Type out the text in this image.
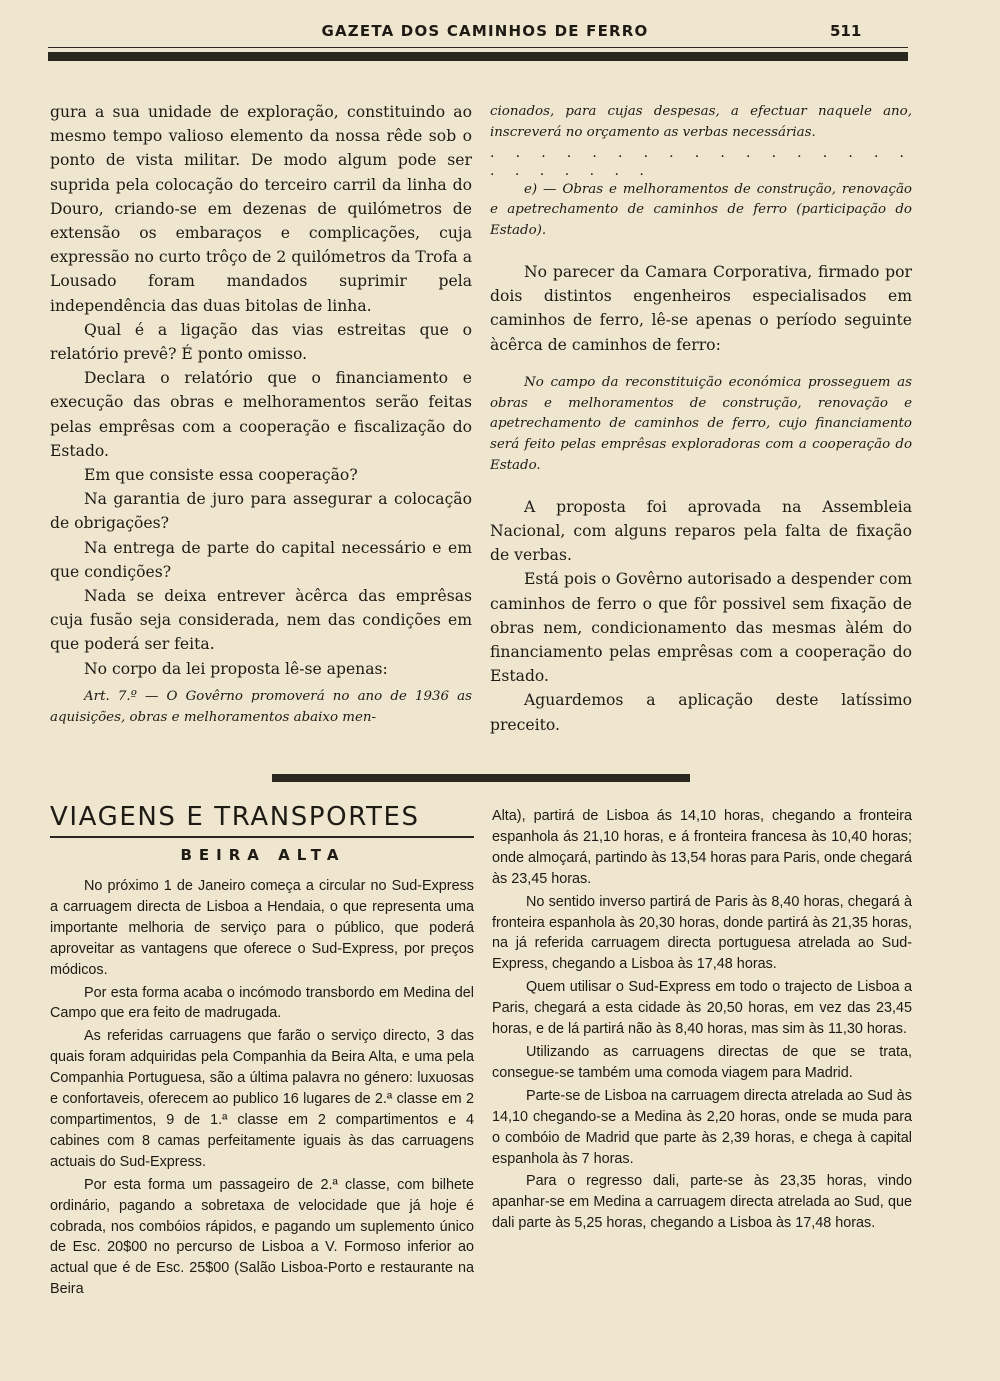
GAZETA DOS CAMINHOS DE FERRO	511

gura a sua unidade de exploração, constituindo ao mesmo tempo valioso elemento da nossa rêde sob o ponto de vista militar. De modo algum pode ser suprida pela colocação do terceiro carril da linha do Douro, criando-se em dezenas de quilómetros de extensão os embaraços e complicações, cuja expressão no curto trôço de 2 quilómetros da Trofa a Lousado foram mandados suprimir pela independência das duas bitolas de linha.

Qual é a ligação das vias estreitas que o relatório prevê? É ponto omisso.

Declara o relatório que o financiamento e execução das obras e melhoramentos serão feitas pelas emprêsas com a cooperação e fiscalização do Estado.

Em que consiste essa cooperação?

Na garantia de juro para assegurar a colocação de obrigações?

Na entrega de parte do capital necessário e em que condições?

Nada se deixa entrever àcêrca das emprêsas cuja fusão seja considerada, nem das condições em que poderá ser feita.

No corpo da lei proposta lê-se apenas:

Art. 7.º — O Govêrno promoverá no ano de 1936 as aquisições, obras e melhoramentos abaixo men-

cionados, para cujas despesas, a efectuar naquele ano, inscreverá no orçamento as verbas necessárias.

. . . . . . . . . . . . . . . . . . . . . . . .

e) — Obras e melhoramentos de construção, renovação e apetrechamento de caminhos de ferro (participação do Estado).

No parecer da Camara Corporativa, firmado por dois distintos engenheiros especialisados em caminhos de ferro, lê-se apenas o período seguinte àcêrca de caminhos de ferro:

No campo da reconstituição económica prosseguem as obras e melhoramentos de construção, renovação e apetrechamento de caminhos de ferro, cujo financiamento será feito pelas emprêsas exploradoras com a cooperação do Estado.

A proposta foi aprovada na Assembleia Nacional, com alguns reparos pela falta de fixação de verbas.

Está pois o Govêrno autorisado a despender com caminhos de ferro o que fôr possivel sem fixação de obras nem, condicionamento das mesmas àlém do financiamento pelas emprêsas com a cooperação do Estado.

Aguardemos a aplicação deste latíssimo preceito.

VIAGENS E TRANSPORTES
BEIRA ALTA

No próximo 1 de Janeiro começa a circular no Sud-Express a carruagem directa de Lisboa a Hendaia, o que representa uma importante melhoria de serviço para o público, que poderá aproveitar as vantagens que oferece o Sud-Express, por preços módicos.

Por esta forma acaba o incómodo transbordo em Medina del Campo que era feito de madrugada.

As referidas carruagens que farão o serviço directo, 3 das quais foram adquiridas pela Companhia da Beira Alta, e uma pela Companhia Portuguesa, são a última palavra no género: luxuosas e confortaveis, oferecem ao publico 16 lugares de 2.ª classe em 2 compartimentos, 9 de 1.ª classe em 2 compartimentos e 4 cabines com 8 camas perfeitamente iguais às das carruagens actuais do Sud-Express.

Por esta forma um passageiro de 2.ª classe, com bilhete ordinário, pagando a sobretaxa de velocidade que já hoje é cobrada, nos combóios rápidos, e pagando um suplemento único de Esc. 20$00 no percurso de Lisboa a V. Formoso inferior ao actual que é de Esc. 25$00 (Salão Lisboa-Porto e restaurante na Beira

Alta), partirá de Lisboa ás 14,10 horas, chegando a fronteira espanhola ás 21,10 horas, e á fronteira francesa às 10,40 horas; onde almoçará, partindo às 13,54 horas para Paris, onde chegará às 23,45 horas.

No sentido inverso partirá de Paris às 8,40 horas, chegará à fronteira espanhola às 20,30 horas, donde partirá às 21,35 horas, na já referida carruagem directa portuguesa atrelada ao Sud-Express, chegando a Lisboa às 17,48 horas.

Quem utilisar o Sud-Express em todo o trajecto de Lisboa a Paris, chegará a esta cidade às 20,50 horas, em vez das 23,45 horas, e de lá partirá não às 8,40 horas, mas sim às 11,30 horas.

Utilizando as carruagens directas de que se trata, consegue-se também uma comoda viagem para Madrid.

Parte-se de Lisboa na carruagem directa atrelada ao Sud às 14,10 chegando-se a Medina às 2,20 horas, onde se muda para o combóio de Madrid que parte às 2,39 horas, e chega à capital espanhola às 7 horas.

Para o regresso dali, parte-se às 23,35 horas, vindo apanhar-se em Medina a carruagem directa atrelada ao Sud, que dali parte às 5,25 horas, chegando a Lisboa às 17,48 horas.
